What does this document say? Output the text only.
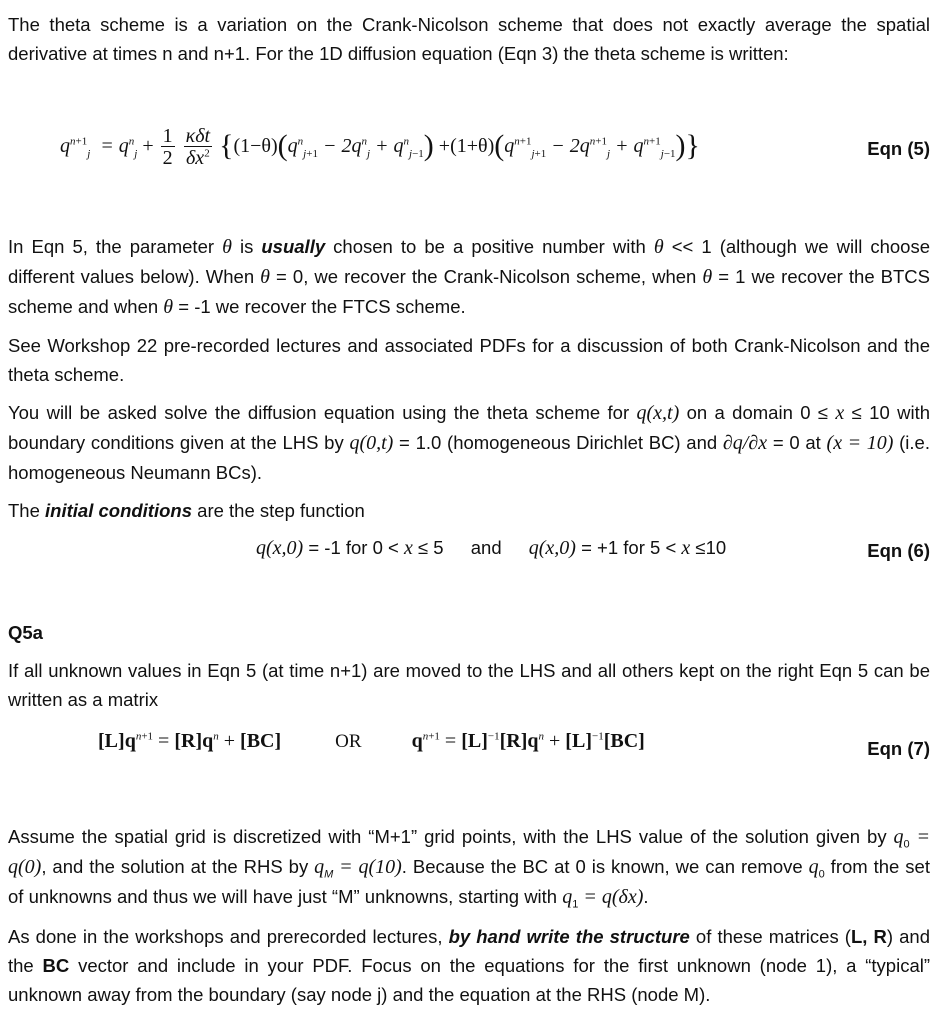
The theta scheme is a variation on the Crank-Nicolson scheme that does not exactly average the spatial derivative at times n and n+1. For the 1D diffusion equation (Eqn 3) the theta scheme is written:

$q^{n+1}_j = q^n_j + \frac{1}{2}$
$\frac{\text{κδt}}{\delta x^2} \{(1-\theta)(q^n_{j+1} - 2q^n_j + q^n_{j-1}) +(1+\theta)(q^{n+1}_{j+1} - 2q^{n+1}_j + q^{n+1}_{j-1})\}$	Eqn (5)

In Eqn 5, the parameter θ is usually chosen to be a positive number with θ << 1 (although we will choose different values below). When θ = 0, we recover the Crank-Nicolson scheme, when θ = 1 we recover the BTCS scheme and when θ = -1 we recover the FTCS scheme.

See Workshop 22 pre-recorded lectures and associated PDFs for a discussion of both Crank-Nicolson and the theta scheme.

You will be asked solve the diffusion equation using the theta scheme for q(x,t) on a domain 0 ≤ x ≤ 10 with boundary conditions given at the LHS by q(0,t) = 1.0 (homogeneous Dirichlet BC) and ∂q/∂x = 0 at (x = 10) (i.e. homogeneous Neumann BCs).

The initial conditions are the step function

q(x,0) = -1 for 0 < x ≤ 5 and q(x,0) = +1 for 5 < x ≤10	Eqn (6)

Q5a

If all unknown values in Eqn 5 (at time n+1) are moved to the LHS and all others kept on the right Eqn 5 can be written as a matrix

$[L]q^{n+1} = [R]q^n + [BC]$	OR	$q^{n+1} = [L]^{-1}[R]q^n + [L]^{-1}[BC]$	Eqn (7)

Assume the spatial grid is discretized with “M+1” grid points, with the LHS value of the solution given by $q_0 = q(0)$, and the solution at the RHS by $q_M = q(10)$. Because the BC at 0 is known, we can remove $q_0$ from the set of unknowns and thus we will have just “M” unknowns, starting with $q_1 = q(\delta x)$.

As done in the workshops and prerecorded lectures, by hand write the structure of these matrices (L, R) and the BC vector and include in your PDF. Focus on the equations for the first unknown (node 1), a “typical” unknown away from the boundary (say node j) and the equation at the RHS (node M).
